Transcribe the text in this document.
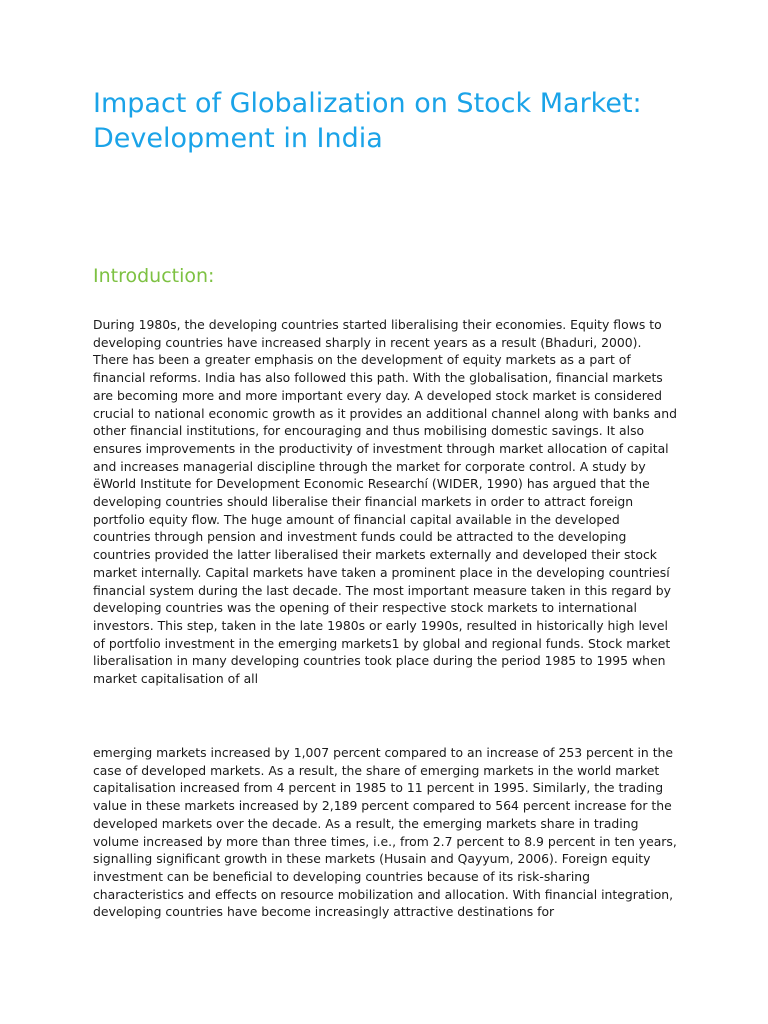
Impact of Globalization on Stock Market: Development in India
Introduction:

During 1980s, the developing countries started liberalising their economies. Equity flows to developing countries have increased sharply in recent years as a result (Bhaduri, 2000). There has been a greater emphasis on the development of equity markets as a part of financial reforms. India has also followed this path. With the globalisation, financial markets are becoming more and more important every day. A developed stock market is considered crucial to national economic growth as it provides an additional channel along with banks and other financial institutions, for encouraging and thus mobilising domestic savings. It also ensures improvements in the productivity of investment through market allocation of capital and increases managerial discipline through the market for corporate control. A study by ëWorld Institute for Development Economic Researchí (WIDER, 1990) has argued that the developing countries should liberalise their financial markets in order to attract foreign portfolio equity flow. The huge amount of financial capital available in the developed countries through pension and investment funds could be attracted to the developing countries provided the latter liberalised their markets externally and developed their stock market internally. Capital markets have taken a prominent place in the developing countriesí financial system during the last decade. The most important measure taken in this regard by developing countries was the opening of their respective stock markets to international investors. This step, taken in the late 1980s or early 1990s, resulted in historically high level of portfolio investment in the emerging markets1 by global and regional funds. Stock market liberalisation in many developing countries took place during the period 1985 to 1995 when market capitalisation of all

emerging markets increased by 1,007 percent compared to an increase of 253 percent in the case of developed markets. As a result, the share of emerging markets in the world market capitalisation increased from 4 percent in 1985 to 11 percent in 1995. Similarly, the trading value in these markets increased by 2,189 percent compared to 564 percent increase for the developed markets over the decade. As a result, the emerging markets share in trading volume increased by more than three times, i.e., from 2.7 percent to 8.9 percent in ten years, signalling significant growth in these markets (Husain and Qayyum, 2006). Foreign equity investment can be beneficial to developing countries because of its risk-sharing characteristics and effects on resource mobilization and allocation. With financial integration, developing countries have become increasingly attractive destinations for
